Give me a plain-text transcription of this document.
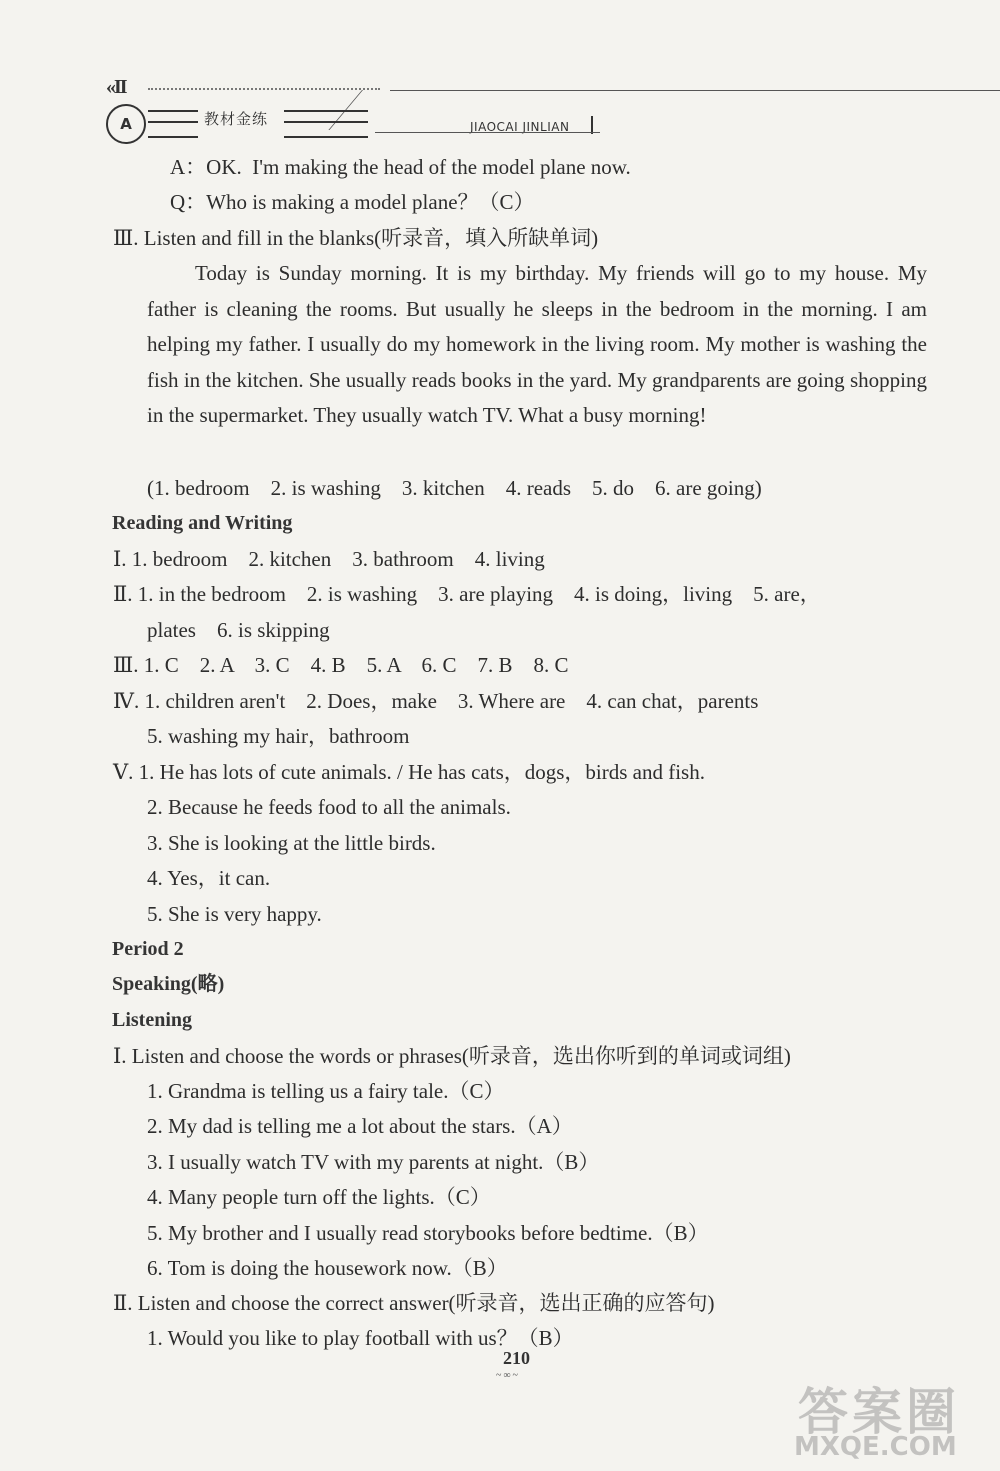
«II
A	教材金练	JIAOCAI JINLIAN
A：OK.  I'm making the head of the model plane now.
Q：Who is making a model plane？（C）
Ⅲ. Listen and fill in the blanks(听录音，填入所缺单词)
Today is Sunday morning. It is my birthday. My friends will go to my house. My father is cleaning the rooms. But usually he sleeps in the bedroom in the morning. I am helping my father. I usually do my homework in the living room. My mother is washing the fish in the kitchen. She usually reads books in the yard. My grandparents are going shopping in the supermarket. They usually watch TV. What a busy morning!
(1. bedroom    2. is washing    3. kitchen    4. reads    5. do    6. are going)
Reading and Writing
Ⅰ. 1. bedroom    2. kitchen    3. bathroom    4. living
Ⅱ. 1. in the bedroom    2. is washing    3. are playing    4. is doing，living    5. are，
plates    6. is skipping
Ⅲ. 1. C    2. A    3. C    4. B    5. A    6. C    7. B    8. C
Ⅳ. 1. children aren't    2. Does，make    3. Where are    4. can chat，parents
5. washing my hair，bathroom
Ⅴ. 1. He has lots of cute animals. / He has cats，dogs，birds and fish.
2. Because he feeds food to all the animals.
3. She is looking at the little birds.
4. Yes，it can.
5. She is very happy.
Period 2
Speaking(略)
Listening
Ⅰ. Listen and choose the words or phrases(听录音，选出你听到的单词或词组)
1. Grandma is telling us a fairy tale.（C）
2. My dad is telling me a lot about the stars.（A）
3. I usually watch TV with my parents at night.（B）
4. Many people turn off the lights.（C）
5. My brother and I usually read storybooks before bedtime.（B）
6. Tom is doing the housework now.（B）
Ⅱ. Listen and choose the correct answer(听录音，选出正确的应答句)
1. Would you like to play football with us？（B）
210
~∞~
答案圈
MXQE.COM
